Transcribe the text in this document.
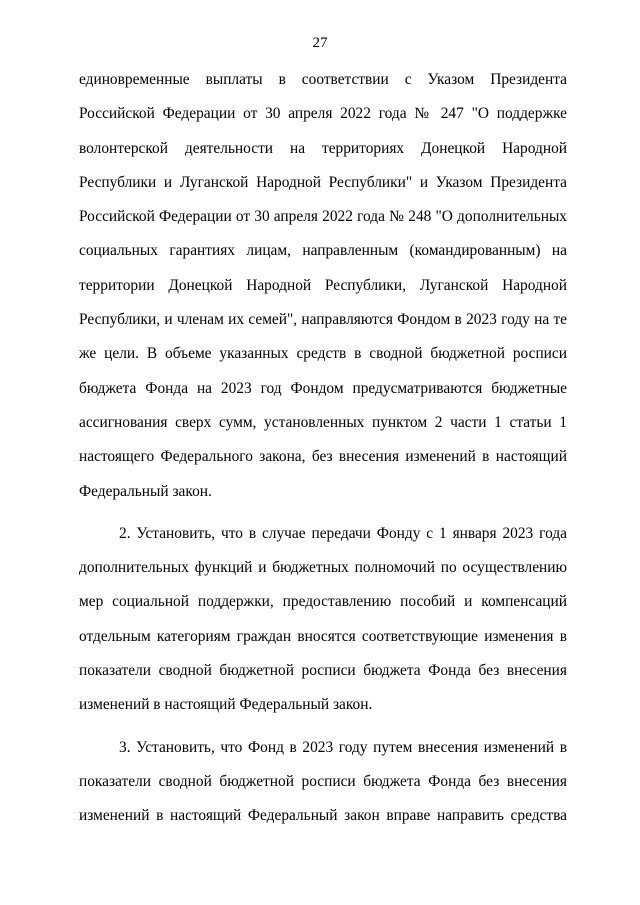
27

единовременные выплаты в соответствии с Указом Президента Российской Федерации от 30 апреля 2022 года № 247 "О поддержке волонтерской деятельности на территориях Донецкой Народной Республики и Луганской Народной Республики" и Указом Президента Российской Федерации от 30 апреля 2022 года № 248 "О дополнительных социальных гарантиях лицам, направленным (командированным) на территории Донецкой Народной Республики, Луганской Народной Республики, и членам их семей", направляются Фондом в 2023 году на те же цели. В объеме указанных средств в сводной бюджетной росписи бюджета Фонда на 2023 год Фондом предусматриваются бюджетные ассигнования сверх сумм, установленных пунктом 2 части 1 статьи 1 настоящего Федерального закона, без внесения изменений в настоящий Федеральный закон.

2. Установить, что в случае передачи Фонду с 1 января 2023 года дополнительных функций и бюджетных полномочий по осуществлению мер социальной поддержки, предоставлению пособий и компенсаций отдельным категориям граждан вносятся соответствующие изменения в показатели сводной бюджетной росписи бюджета Фонда без внесения изменений в настоящий Федеральный закон.

3. Установить, что Фонд в 2023 году путем внесения изменений в показатели сводной бюджетной росписи бюджета Фонда без внесения изменений в настоящий Федеральный закон вправе направить средства
